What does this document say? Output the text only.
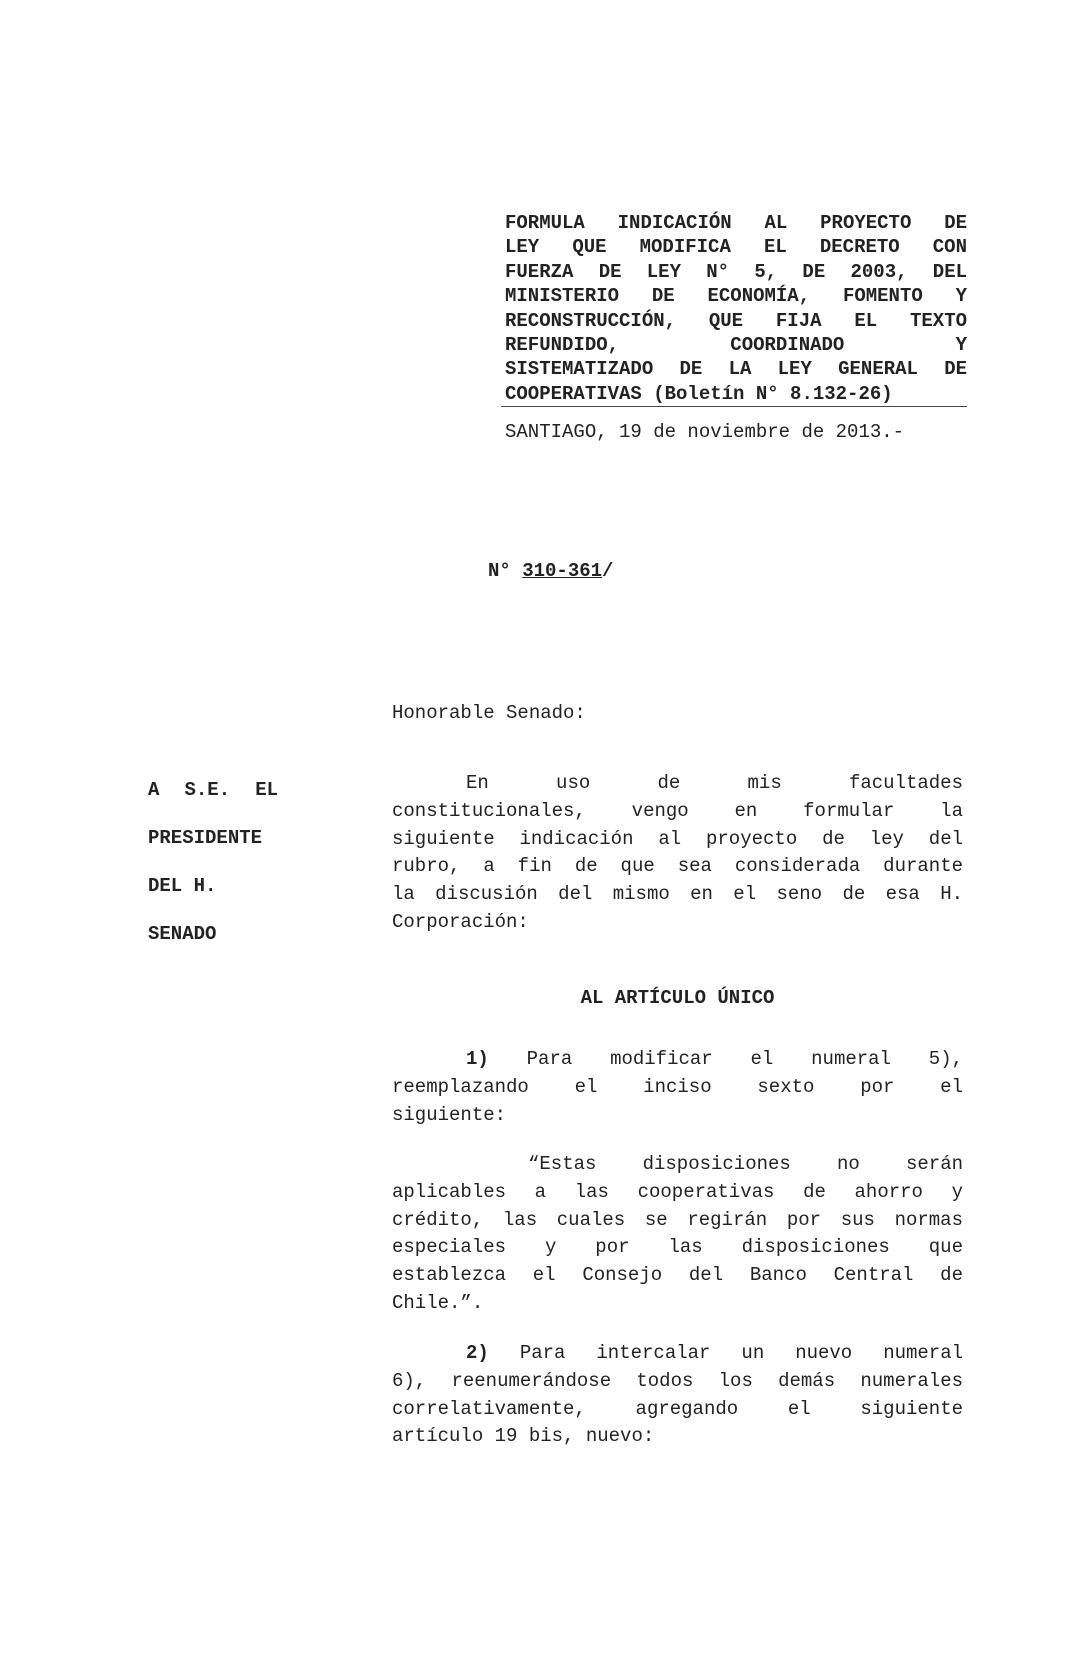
FORMULA INDICACIÓN AL PROYECTO DE
LEY QUE MODIFICA EL DECRETO CON
FUERZA DE LEY N° 5, DE 2003, DEL
MINISTERIO DE ECONOMÍA, FOMENTO Y
RECONSTRUCCIÓN, QUE FIJA EL TEXTO
REFUNDIDO, COORDINADO Y
SISTEMATIZADO DE LA LEY GENERAL DE
COOPERATIVAS (Boletín N° 8.132-26)
SANTIAGO, 19 de noviembre de 2013.-
N° 310-361/
Honorable Senado:
A S.E. EL
PRESIDENTE
DEL H.
SENADO
En uso de mis facultades
constitucionales, vengo en formular la
siguiente indicación al proyecto de ley del
rubro, a fin de que sea considerada durante
la discusión del mismo en el seno de esa H.
Corporación:
AL ARTÍCULO ÚNICO
1) Para modificar el numeral 5),
reemplazando el inciso sexto por el
siguiente:
“Estas disposiciones no serán
aplicables a las cooperativas de ahorro y
crédito, las cuales se regirán por sus normas
especiales y por las disposiciones que
establezca el Consejo del Banco Central de
Chile.”.
2) Para intercalar un nuevo numeral
6), reenumerándose todos los demás numerales
correlativamente, agregando el siguiente
artículo 19 bis, nuevo:
